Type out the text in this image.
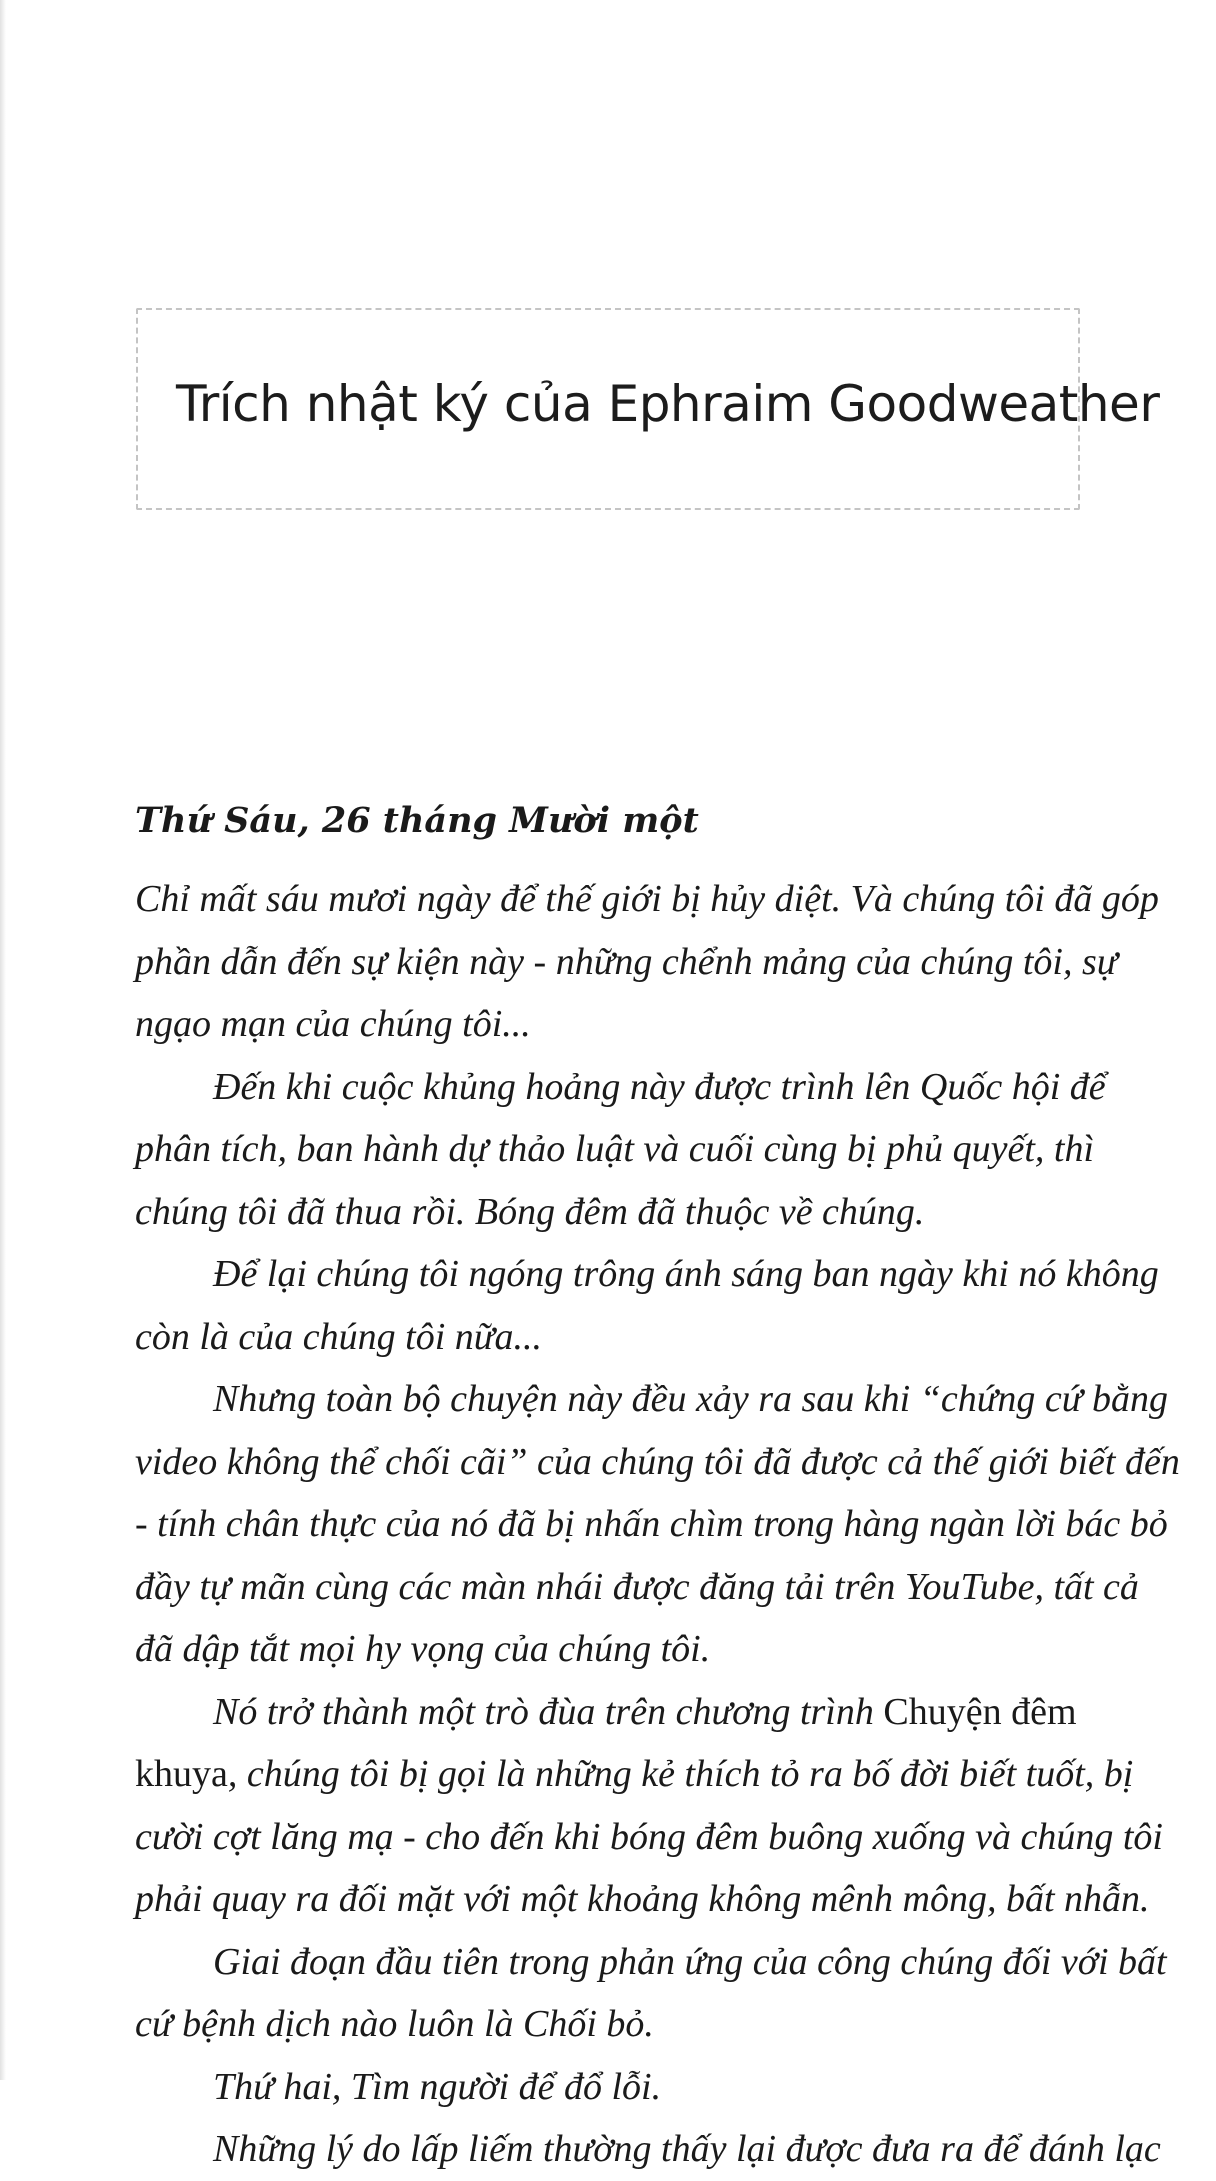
Trích nhật ký của Ephraim Goodweather
Thứ Sáu, 26 tháng Mười một

Chỉ mất sáu mươi ngày để thế giới bị hủy diệt. Và chúng tôi đã góp
phần dẫn đến sự kiện này - những chểnh mảng của chúng tôi, sự
ngạo mạn của chúng tôi...

Đến khi cuộc khủng hoảng này được trình lên Quốc hội để
phân tích, ban hành dự thảo luật và cuối cùng bị phủ quyết, thì
chúng tôi đã thua rồi. Bóng đêm đã thuộc về chúng.

Để lại chúng tôi ngóng trông ánh sáng ban ngày khi nó không
còn là của chúng tôi nữa...

Nhưng toàn bộ chuyện này đều xảy ra sau khi “chứng cứ bằng
video không thể chối cãi” của chúng tôi đã được cả thế giới biết đến
- tính chân thực của nó đã bị nhấn chìm trong hàng ngàn lời bác bỏ
đầy tự mãn cùng các màn nhái được đăng tải trên YouTube, tất cả
đã dập tắt mọi hy vọng của chúng tôi.

Nó trở thành một trò đùa trên chương trình Chuyện đêm
khuya, chúng tôi bị gọi là những kẻ thích tỏ ra bố đời biết tuốt, bị
cười cợt lăng mạ - cho đến khi bóng đêm buông xuống và chúng tôi
phải quay ra đối mặt với một khoảng không mênh mông, bất nhẫn.

Giai đoạn đầu tiên trong phản ứng của công chúng đối với bất
cứ bệnh dịch nào luôn là Chối bỏ.

Thứ hai, Tìm người để đổ lỗi.

Những lý do lấp liếm thường thấy lại được đưa ra để đánh lạc
